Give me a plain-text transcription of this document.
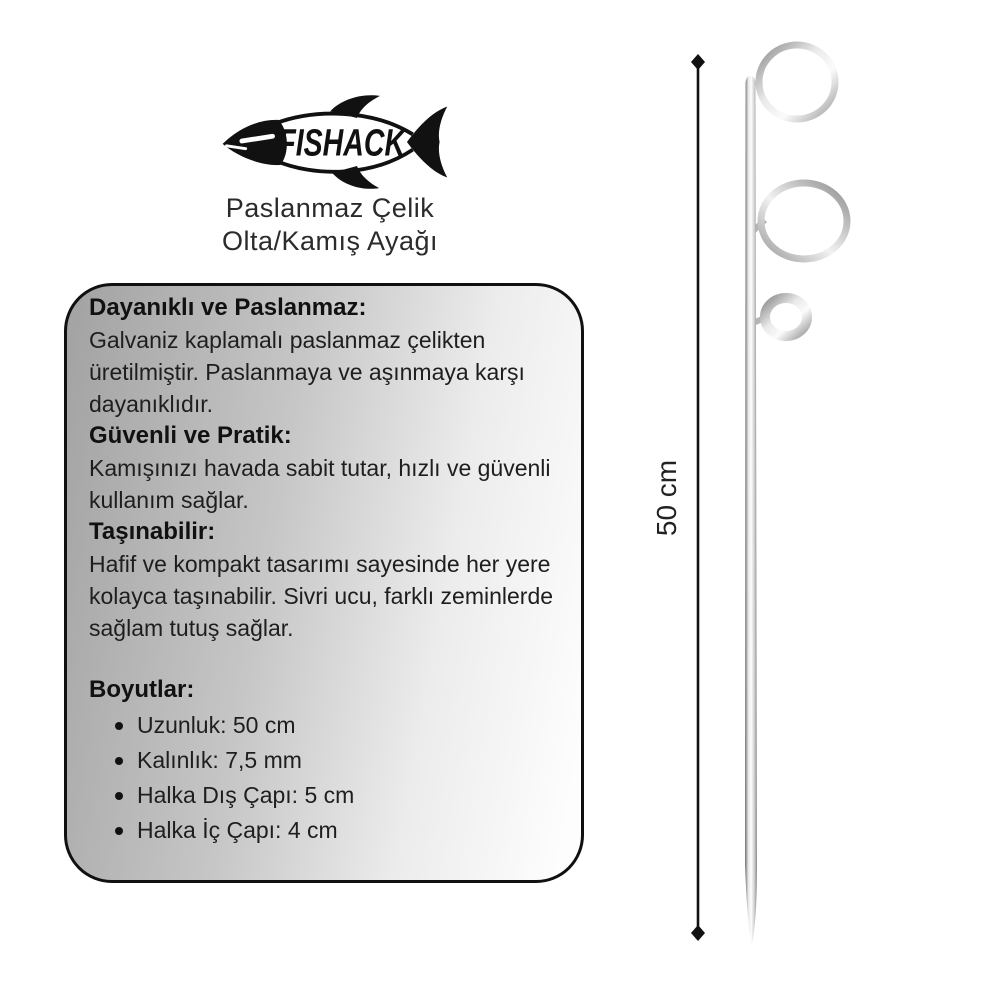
FISHACK
Paslanmaz Çelik
Olta/Kamış Ayağı
Dayanıklı ve Paslanmaz:

Galvaniz kaplamalı paslanmaz çelikten üretilmiştir. Paslanmaya ve aşınmaya karşı dayanıklıdır.

Güvenli ve Pratik:

Kamışınızı havada sabit tutar, hızlı ve güvenli kullanım sağlar.

Taşınabilir:

Hafif ve kompakt tasarımı sayesinde her yere kolayca taşınabilir. Sivri ucu, farklı zeminlerde sağlam tutuş sağlar.

Boyutlar:
Uzunluk: 50 cm
Kalınlık: 7,5 mm
Halka Dış Çapı: 5 cm
Halka İç Çapı: 4 cm
50 cm
